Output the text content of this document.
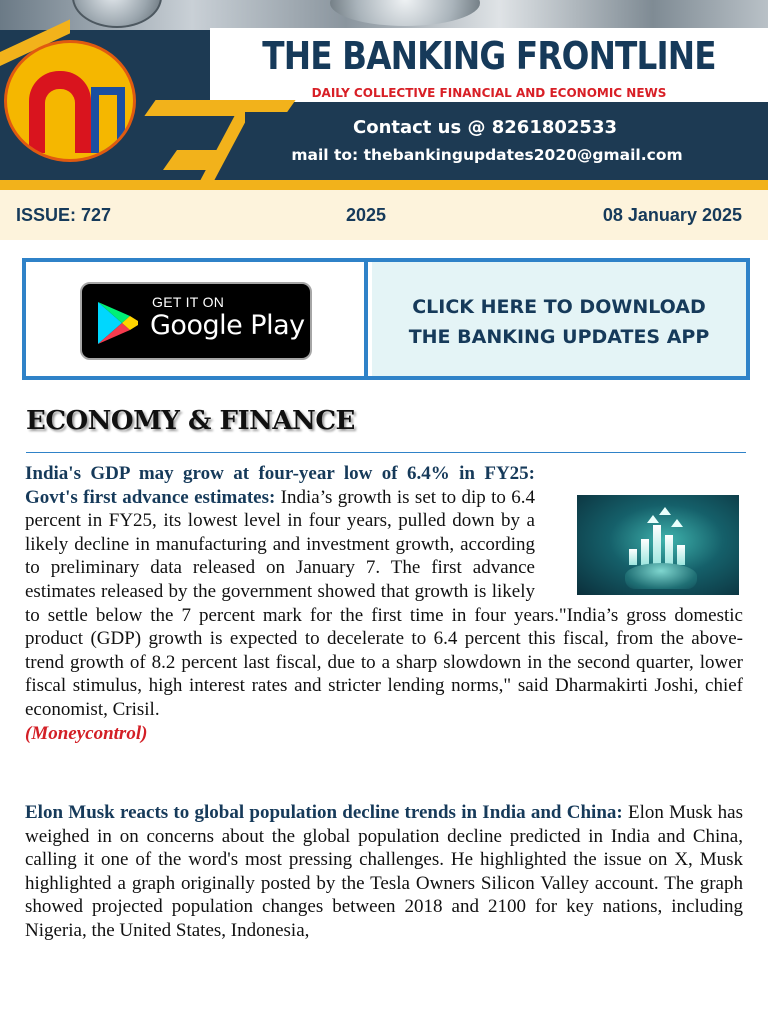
THE BANKING FRONTLINE
DAILY COLLECTIVE FINANCIAL AND ECONOMIC NEWS
Contact us @ 8261802533
mail to: thebankingupdates2020@gmail.com
ISSUE: 727	2025	08 January 2025
GET IT ON
Google Play
CLICK HERE TO DOWNLOAD
THE BANKING UPDATES APP
ECONOMY & FINANCE
India's GDP may grow at four-year low of 6.4% in FY25: Govt's first advance estimates: India’s growth is set to dip to 6.4 percent in FY25, its lowest level in four years, pulled down by a likely decline in manufacturing and investment growth, according to preliminary data released on January 7. The first advance estimates released by the government showed that growth is likely to settle below the 7 percent mark for the first time in four years."India’s gross domestic product (GDP) growth is expected to decelerate to 6.4 percent this fiscal, from the above-trend growth of 8.2 percent last fiscal, due to a sharp slowdown in the second quarter, lower fiscal stimulus, high interest rates and stricter lending norms," said Dharmakirti Joshi, chief economist, Crisil.
(Moneycontrol)
Elon Musk reacts to global population decline trends in India and China: Elon Musk has weighed in on concerns about the global population decline predicted in India and China, calling it one of the word's most pressing challenges. He highlighted the issue on X, Musk highlighted a graph originally posted by the Tesla Owners Silicon Valley account. The graph showed projected population changes between 2018 and 2100 for key nations, including Nigeria, the United States, Indonesia,
